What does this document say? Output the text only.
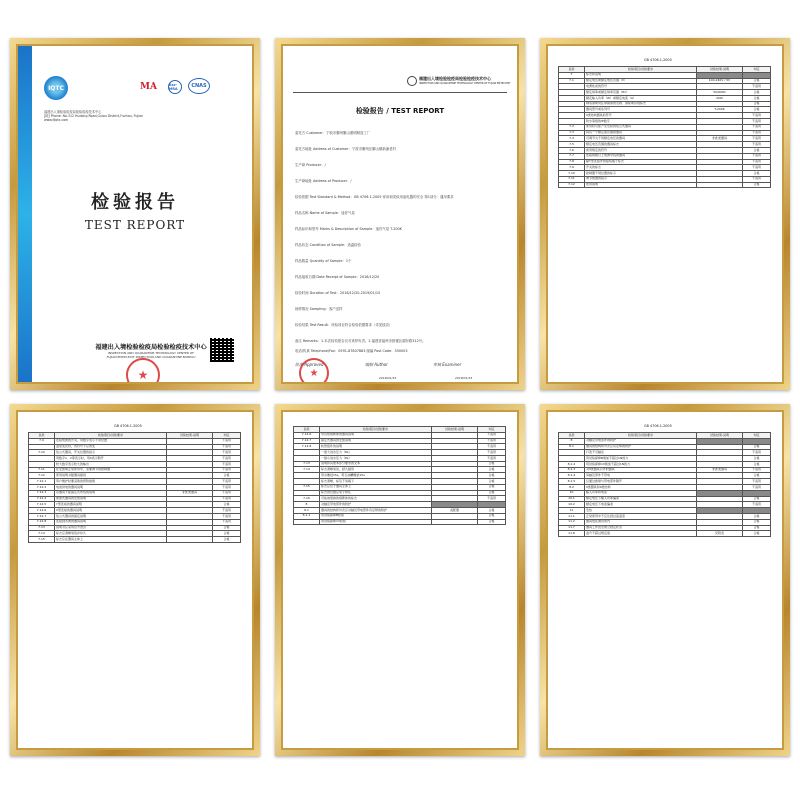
IQTC	MA	ilac-MRA	CNAS
福建出入境检验检疫局检验检疫技术中心
[地] Phone: No.312 Hudong Road,Gulou District,Fuzhou, Fujian
www.fjiqtc.com
检验报告
TEST REPORT
福建出入境检验检疫局检验检疫技术中心
INSPECTION AND QUARANTINE TECHNOLOGY CENTER OF
FUJIAN ENTRY-EXIT INSPECTION AND QUARANTINE BUREAU
★
福建出入境检验检疫局检验检疫技术中心
INSPECTION AND QUARANTINE TECHNOLOGY CENTER OF FUJIAN ENTRY-EXIT
检验报告 / TEST REPORT
委托方 Customer：宁波市鄞州鄞山照明制造工厂
委托方地址 Address of Customer：宁波市鄞州区鄞山镇新浦老村
生产商 Producer：/
生产商地址 Address of Producer：/
检验依据 Test Standard & Method：GB 4706.1-2005 家用和类似用途电器的安全 第1部分：通用要求
样品名称 Name of Sample：迷你气泵
样品标识和型号 Marks & Description of Sample：迷你气泵 T-200K
样品状态 Condition of Sample：适温检验
样品数量 Quantity of Sample：1个
样品接收日期 Date Receipt of Sample：2018/12/20
检验时间 Duration of Test：2018/12/20-2019/01/15
抽样情况 Sampling：客户送样
检验结果 Test Result：所检项目符合检验依据要求（详见续页）
备注 Remarks：1.本次检验报告仅对来样负责。2.福建省福州市鼓楼区湖东路312号。
电话/传真 Telephone/Fax：0591-87807883 邮编 Post Code：350003
批准 Approved	编制 Author	审核 Examiner
2019/01/15	2019/01/15
★
GB 4706.1-2005
条款	检验项目/试验要求	试验结果-说明	判定
7	标志和说明		
7.1	额定电压或额定电压范围（V）	100-240V / 5V	合格
	电源性质的符号		不适用
	额定频率或额定频率范围（Hz）	50/60Hz	合格
	额定输入功率（W）或额定电流（A）	20W	合格
	制造商或责任承销商的名称、商标或识别标志		合格
	器具型号或系列号	T-200K	合格
	II类结构器具的符号		不适用
	防水等级的IP数字		不适用
7.2	使用时可能产生危险的驻立式器具		不适用
7.3	具有一个额定值范围的器具		不适用
7.4	可调节为不同额定电压的器具	非此类器具	不适用
7.5	额定电压范围的器具标志		不适用
7.6	使用规定的符号		合格
7.7	连接两根以上电源导线的器具		不适用
7.8	除Y型连接外的接线端子标志		不适用
7.9	开关的标志		不适用
7.10	控制器不同位置的标示		合格
7.11	调节装置的指示		不适用
7.12	使用说明		合格
GB 4706.1-2005
条款	检验项目/试验要求	试验结果-说明	判定
7.9	连接电源的开关，用数字表示不同位置		不适用
	温度变化时，该符号不应改变		不适用
7.10	驻立式器具，开关位置的指示		不适用
	用数字1、2等表示时，用0表示断开		不适用
	较大数字表示较大的输出		不适用
7.11	在安装或正常使用中，需要调节的控制器		不适用
7.12	使用说明书随器具提供		合格
7.12.1	用户维护时要采取的预防措施		不适用
7.12.2	电池供电的器具说明		不适用
7.12.3	若器具不能固定式布线的说明	非此类器具	不适用
7.12.4	嵌装式器具的安装说明		不适用
7.12.5	Y型连接的器具说明		合格
7.12.6	X型连接的器具说明		不适用
7.12.7	驻立式器具的固定说明		不适用
7.12.8	连接到水源的器具说明		不适用
7.13	说明书应采用官方语言		合格
7.14	标志应清晰易读并持久		合格
7.15	标志应在器具主体上		合格
条款	检验项目/试验要求	试验结果-说明	判定
7.12.6	带有热熔断体的器具说明		不适用
7.12.7	固定式器具的安装说明		不适用
7.12.8	软管组件的说明		不适用
	一最大进水压力（Pa）		不适用
	一最小进水压力（Pa）		不适用
7.13	说明和其他本部分要求的文本		合格
7.14	标志清晰易读，经久耐用		合格
	用水擦拭15s，用石油精擦拭15s		合格
	标志清晰，标签不易揭下		合格
7.15	标志应位于器具主体上		合格
	标志的位置应易于辨认		合格
7.16	可能被更换的熔断体的标志		不适用
8	对触及带电部件的防护		
8.1	器具的结构和外壳应对触及带电部件有足够的防护	适配器	合格
8.1.1	用试验探棒B检验		合格
	用试验探棒13检验		合格
GB 4706.1-2005
条款	检验项目/试验要求	试验结果-说明	判定
8	对触及带电部件的防护		
8.1	器具的结构和外壳应有足够的防护		合格
	灯泡不可触及		不适用
	用试验探棒B施加不超过1N的力		合格
8.1.2	用试验探棒13施加不超过1N的力		合格
8.1.3	对II类器具以外的器具	非此类器具	不适用
8.1.4	易触及部件不带电		合格
8.1.5	仅通过绝缘与带电部件隔开		不适用
8.2	II类器具和II类结构		不适用
10	输入功率和电流		
10.1	额定电压下输入功率偏差		合格
10.2	额定电压下电流偏差		不适用
11	发热		
11.1	正常使用中不应达到过高温度		合格
11.2	器具放在测试角内		合格
11.7	器具工作直至建立稳定状态		合格
11.8	温升不超过规定值	见附表	合格
